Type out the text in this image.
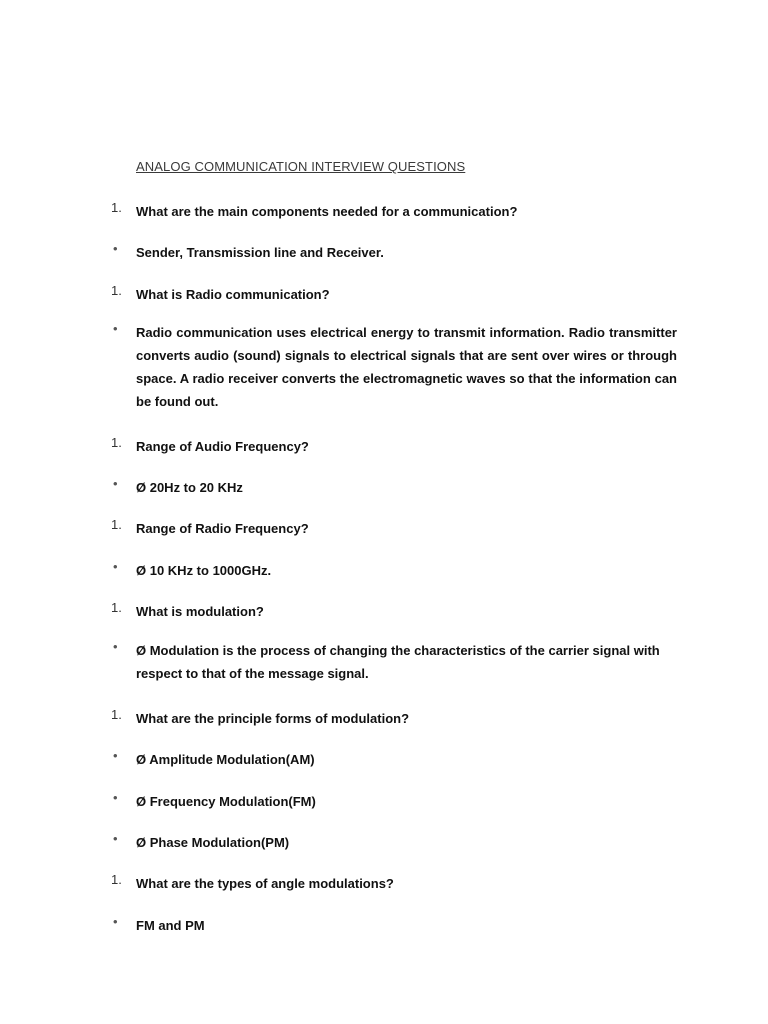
ANALOG COMMUNICATION INTERVIEW QUESTIONS
1.	What are the main components needed for a communication?
•	Sender, Transmission line and Receiver.
1.	What is Radio communication?
•	Radio communication uses electrical energy to transmit information. Radio transmitter converts audio (sound) signals to electrical signals that are sent over wires or through space. A radio receiver converts the electromagnetic waves so that the information can be found out.
1.	Range of Audio Frequency?
•	Ø 20Hz to 20 KHz
1.	Range of Radio Frequency?
•	Ø 10 KHz to 1000GHz.
1.	What is modulation?
•	Ø Modulation is the process of changing the characteristics of the carrier signal with respect to that of the message signal.
1.	What are the principle forms of modulation?
•	Ø Amplitude Modulation(AM)
•	Ø Frequency Modulation(FM)
•	Ø Phase Modulation(PM)
1.	What are the types of angle modulations?
•	FM and PM
